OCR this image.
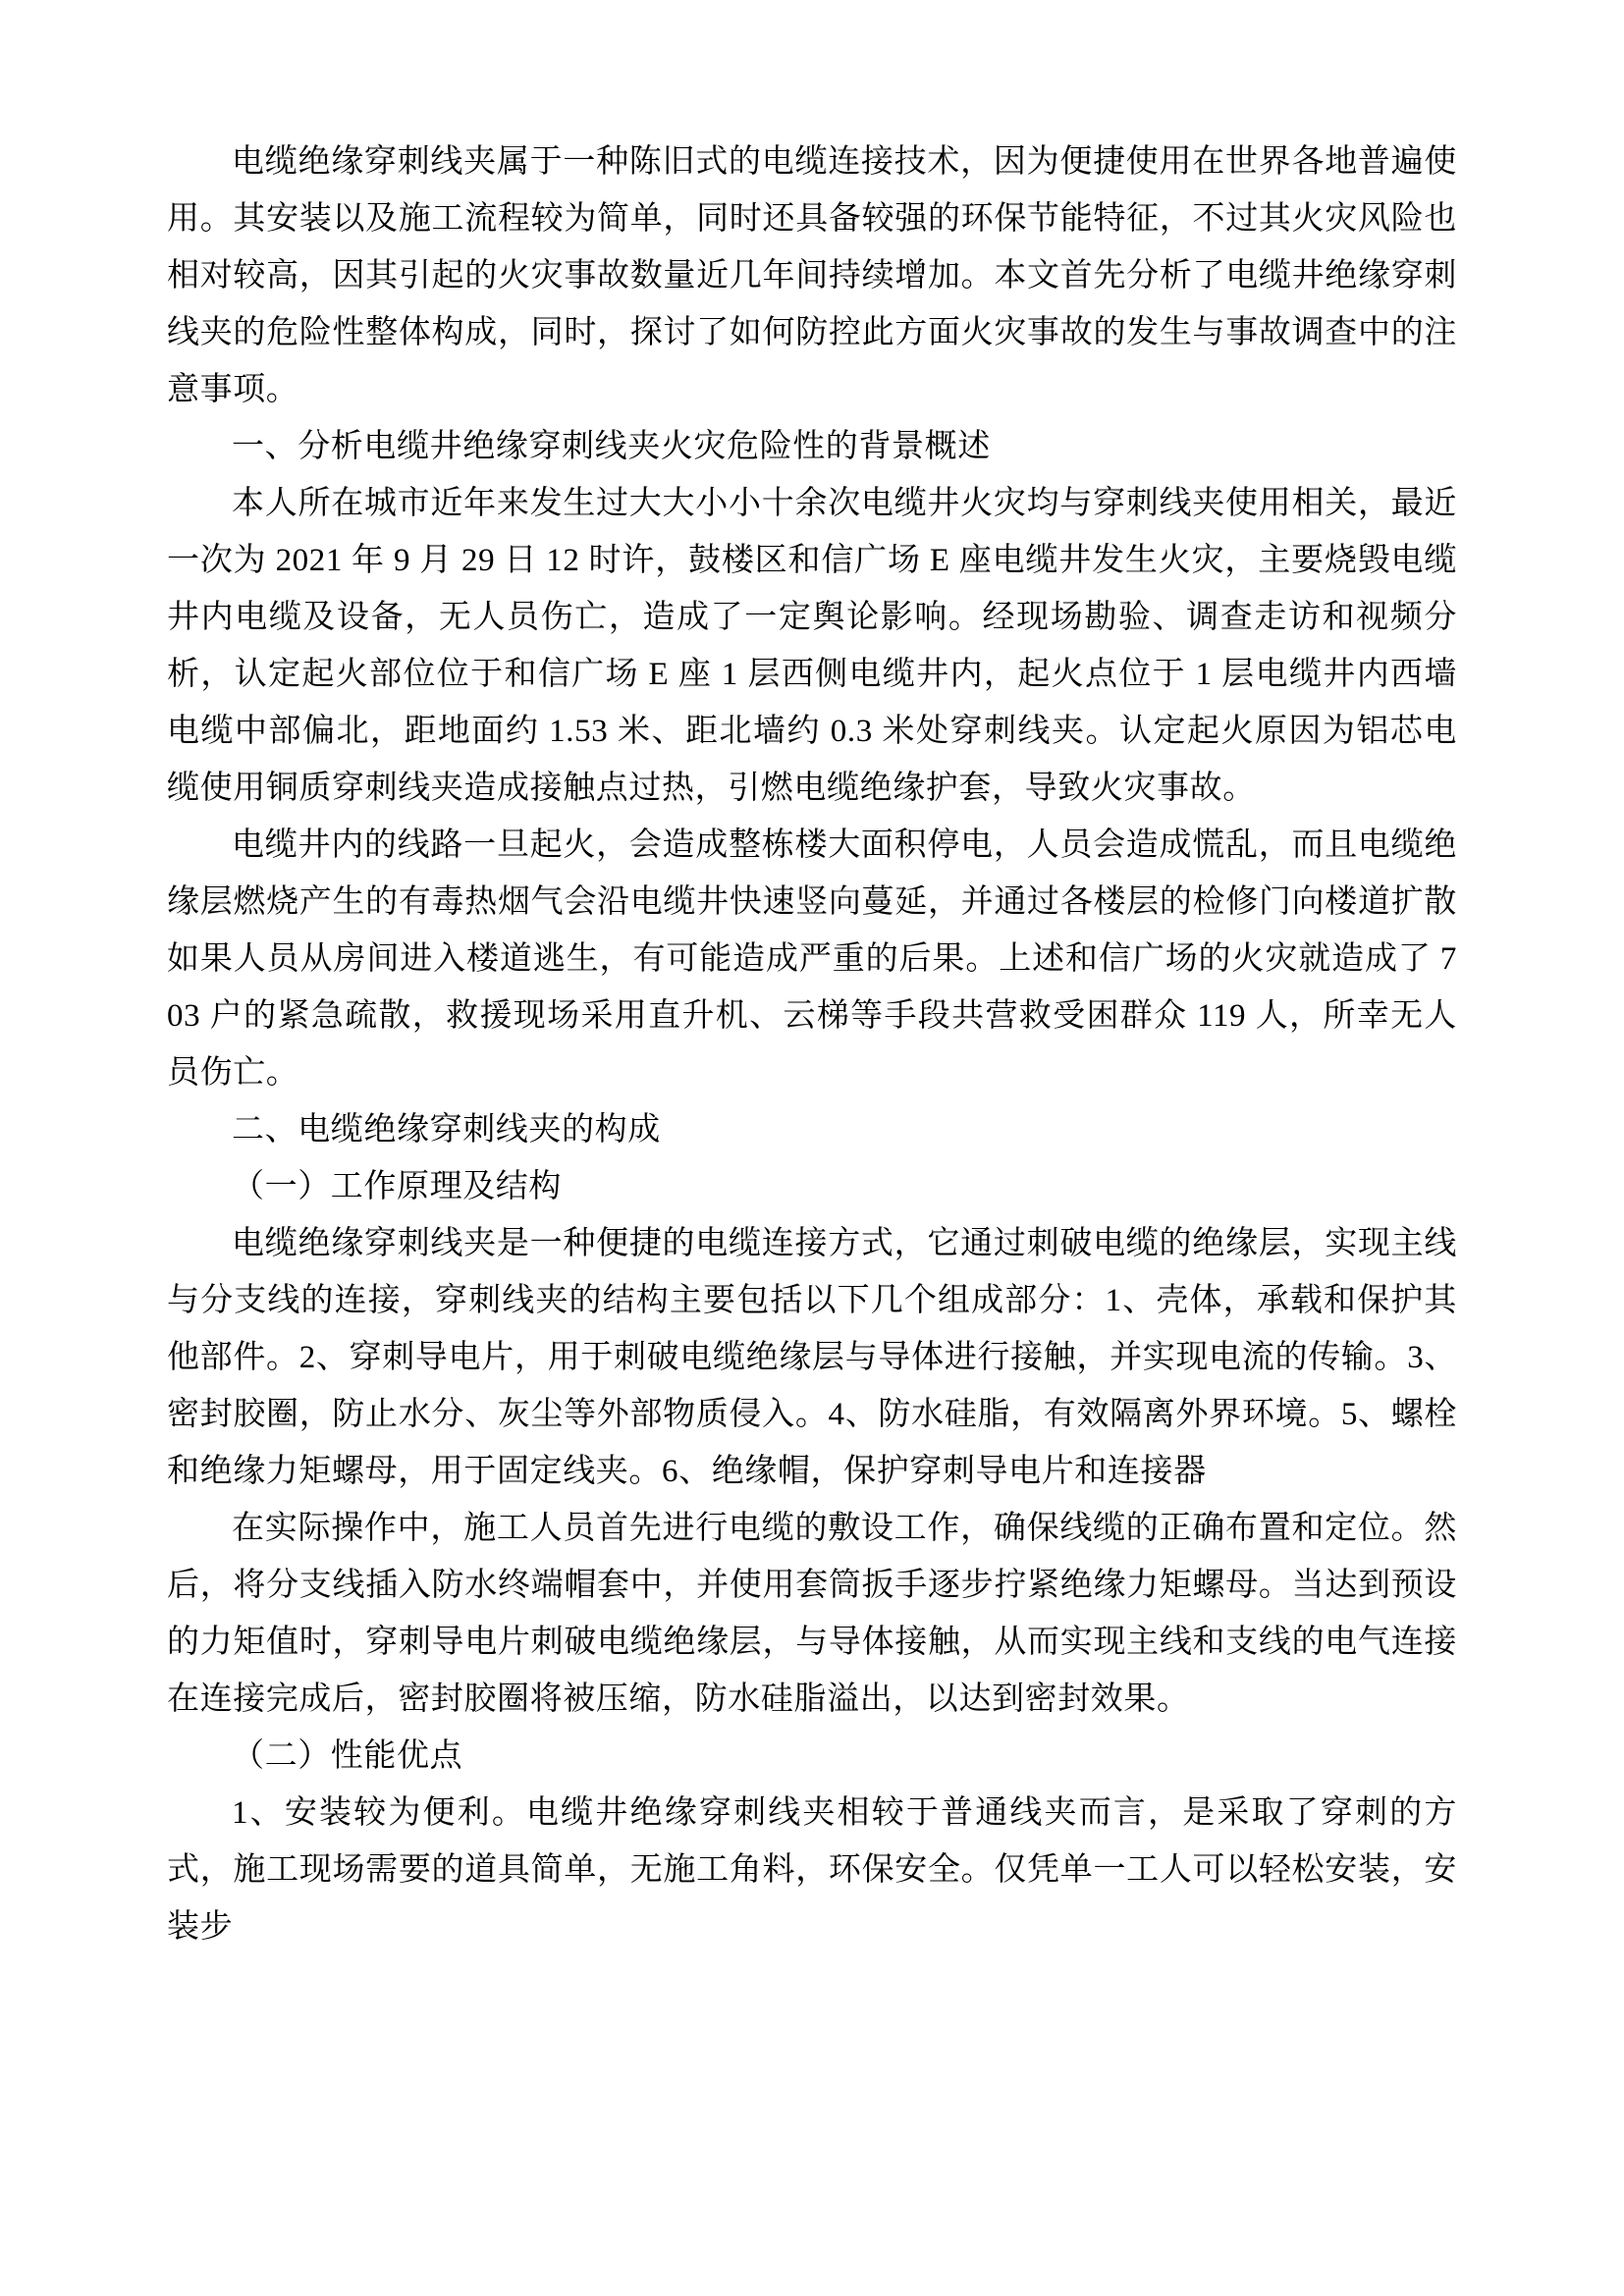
电缆绝缘穿刺线夹属于一种陈旧式的电缆连接技术，因为便捷使用在世界各地普遍使用。其安装以及施工流程较为简单，同时还具备较强的环保节能特征，不过其火灾风险也相对较高，因其引起的火灾事故数量近几年间持续增加。本文首先分析了电缆井绝缘穿刺线夹的危险性整体构成，同时，探讨了如何防控此方面火灾事故的发生与事故调查中的注意事项。

一、分析电缆井绝缘穿刺线夹火灾危险性的背景概述

本人所在城市近年来发生过大大小小十余次电缆井火灾均与穿刺线夹使用相关，最近一次为 2021 年 9 月 29 日 12 时许，鼓楼区和信广场 E 座电缆井发生火灾，主要烧毁电缆井内电缆及设备，无人员伤亡，造成了一定舆论影响。经现场勘验、调查走访和视频分析，认定起火部位位于和信广场 E 座 1 层西侧电缆井内，起火点位于 1 层电缆井内西墙电缆中部偏北，距地面约 1.53 米、距北墙约 0.3 米处穿刺线夹。认定起火原因为铝芯电缆使用铜质穿刺线夹造成接触点过热，引燃电缆绝缘护套，导致火灾事故。

电缆井内的线路一旦起火，会造成整栋楼大面积停电，人员会造成慌乱，而且电缆绝缘层燃烧产生的有毒热烟气会沿电缆井快速竖向蔓延，并通过各楼层的检修门向楼道扩散如果人员从房间进入楼道逃生，有可能造成严重的后果。上述和信广场的火灾就造成了 703 户的紧急疏散，救援现场采用直升机、云梯等手段共营救受困群众 119 人，所幸无人员伤亡。

二、电缆绝缘穿刺线夹的构成

（一）工作原理及结构

电缆绝缘穿刺线夹是一种便捷的电缆连接方式，它通过刺破电缆的绝缘层，实现主线与分支线的连接，穿刺线夹的结构主要包括以下几个组成部分：1、壳体，承载和保护其他部件。2、穿刺导电片，用于刺破电缆绝缘层与导体进行接触，并实现电流的传输。3、密封胶圈，防止水分、灰尘等外部物质侵入。4、防水硅脂，有效隔离外界环境。5、螺栓和绝缘力矩螺母，用于固定线夹。6、绝缘帽，保护穿刺导电片和连接器

在实际操作中，施工人员首先进行电缆的敷设工作，确保线缆的正确布置和定位。然后，将分支线插入防水终端帽套中，并使用套筒扳手逐步拧紧绝缘力矩螺母。当达到预设的力矩值时，穿刺导电片刺破电缆绝缘层，与导体接触，从而实现主线和支线的电气连接在连接完成后，密封胶圈将被压缩，防水硅脂溢出，以达到密封效果。

（二）性能优点

1、安装较为便利。电缆井绝缘穿刺线夹相较于普通线夹而言，是采取了穿刺的方式，施工现场需要的道具简单，无施工角料，环保安全。仅凭单一工人可以轻松安装，安装步
